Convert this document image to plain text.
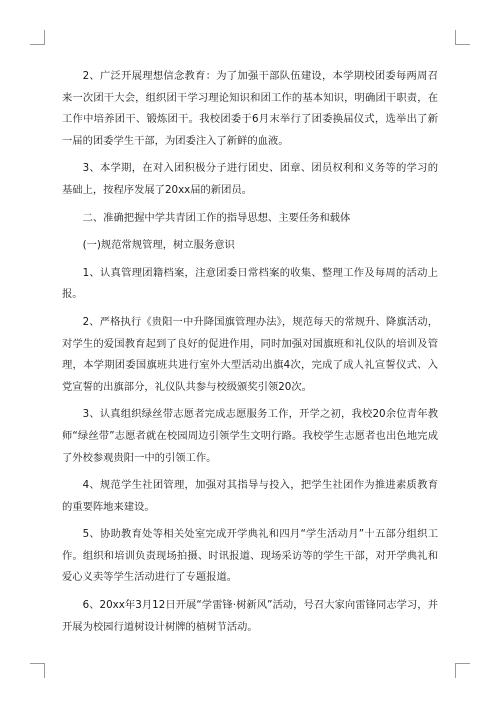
2、广泛开展理想信念教育：为了加强干部队伍建设，本学期校团委每两周召来一次团干大会，组织团干学习理论知识和团工作的基本知识，明确团干职责，在工作中培养团干、锻炼团干。我校团委于6月末举行了团委换届仪式，选举出了新一届的团委学生干部，为团委注入了新鲜的血液。

3、本学期，在对入团积极分子进行团史、团章、团员权利和义务等的学习的基础上，按程序发展了20xx届的新团员。

二、准确把握中学共青团工作的指导思想、主要任务和载体

(一)规范常规管理，树立服务意识

1、认真管理团籍档案，注意团委日常档案的收集、整理工作及每周的活动上报。

2、严格执行《贵阳一中升降国旗管理办法》，规范每天的常规升、降旗活动，对学生的爱国教育起到了良好的促进作用，同时加强对国旗班和礼仪队的培训及管理，本学期团委国旗班共进行室外大型活动出旗4次，完成了成人礼宣誓仪式、入党宣誓的出旗部分，礼仪队共参与校级颁奖引领20次。

3、认真组织绿丝带志愿者完成志愿服务工作，开学之初，我校20余位青年教师“绿丝带”志愿者就在校园周边引领学生文明行路。我校学生志愿者也出色地完成了外校参观贵阳一中的引领工作。

4、规范学生社团管理，加强对其指导与投入，把学生社团作为推进素质教育的重要阵地来建设。

5、协助教育处等相关处室完成开学典礼和四月“学生活动月”十五部分组织工作。组织和培训负责现场拍摄、时讯报道、现场采访等的学生干部，对开学典礼和爱心义卖等学生活动进行了专题报道。

6、20xx年3月12日开展“学雷锋·树新风”活动，号召大家向雷锋同志学习，并开展为校园行道树设计树牌的植树节活动。
